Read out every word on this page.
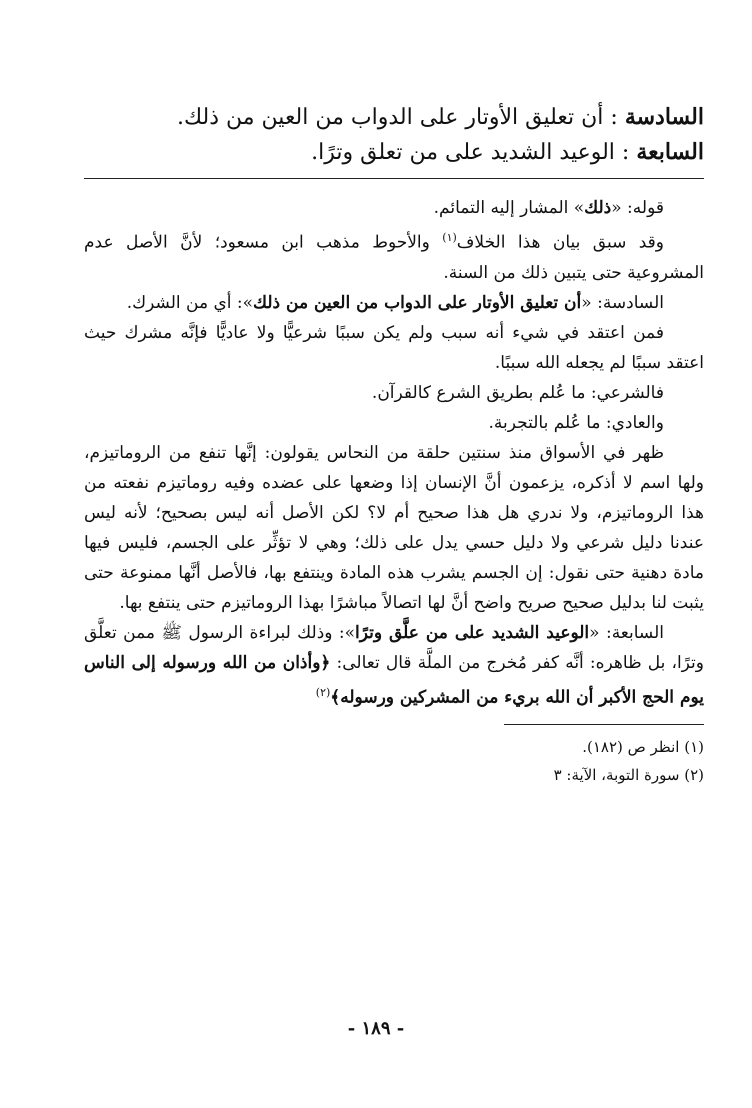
السادسة : أن تعليق الأوتار على الدواب من العين من ذلك.

السابعة : الوعيد الشديد على من تعلق وترًا.

قوله: «ذلك» المشار إليه التمائم.

وقد سبق بيان هذا الخلاف$^{(١)}$ والأحوط مذهب ابن مسعود؛ لأنَّ الأصل عدم المشروعية حتى يتبين ذلك من السنة.

السادسة: «أن تعليق الأوتار على الدواب من العين من ذلك»: أي من الشرك.

فمن اعتقد في شيء أنه سبب ولم يكن سببًا شرعيًّا ولا عاديًّا فإنَّه مشرك حيث اعتقد سببًا لم يجعله الله سببًا.

فالشرعي: ما عُلم بطريق الشرع كالقرآن.

والعادي: ما عُلم بالتجربة.

ظهر في الأسواق منذ سنتين حلقة من النحاس يقولون: إنَّها تنفع من الروماتيزم، ولها اسم لا أذكره، يزعمون أنَّ الإنسان إذا وضعها على عضده وفيه روماتيزم نفعته من هذا الروماتيزم، ولا ندري هل هذا صحيح أم لا؟ لكن الأصل أنه ليس بصحيح؛ لأنه ليس عندنا دليل شرعي ولا دليل حسي يدل على ذلك؛ وهي لا تؤثِّر على الجسم، فليس فيها مادة دهنية حتى نقول: إن الجسم يشرب هذه المادة وينتفع بها، فالأصل أنَّها ممنوعة حتى يثبت لنا بدليل صحيح صريح واضح أنَّ لها اتصالاً مباشرًا بهذا الروماتيزم حتى ينتفع بها.

السابعة: «الوعيد الشديد على من علَّق وترًا»: وذلك لبراءة الرسول ﷺ ممن تعلَّق وترًا، بل ظاهره: أنَّه كفر مُخرج من الملَّة قال تعالى: ﴿وأذان من الله ورسوله إلى الناس يوم الحج الأكبر أن الله بريء من المشركين ورسوله﴾$^{(٢)}$

(١) انظر ص (١٨٢).

(٢) سورة التوبة، الآية: ٣

- ١٨٩ -
